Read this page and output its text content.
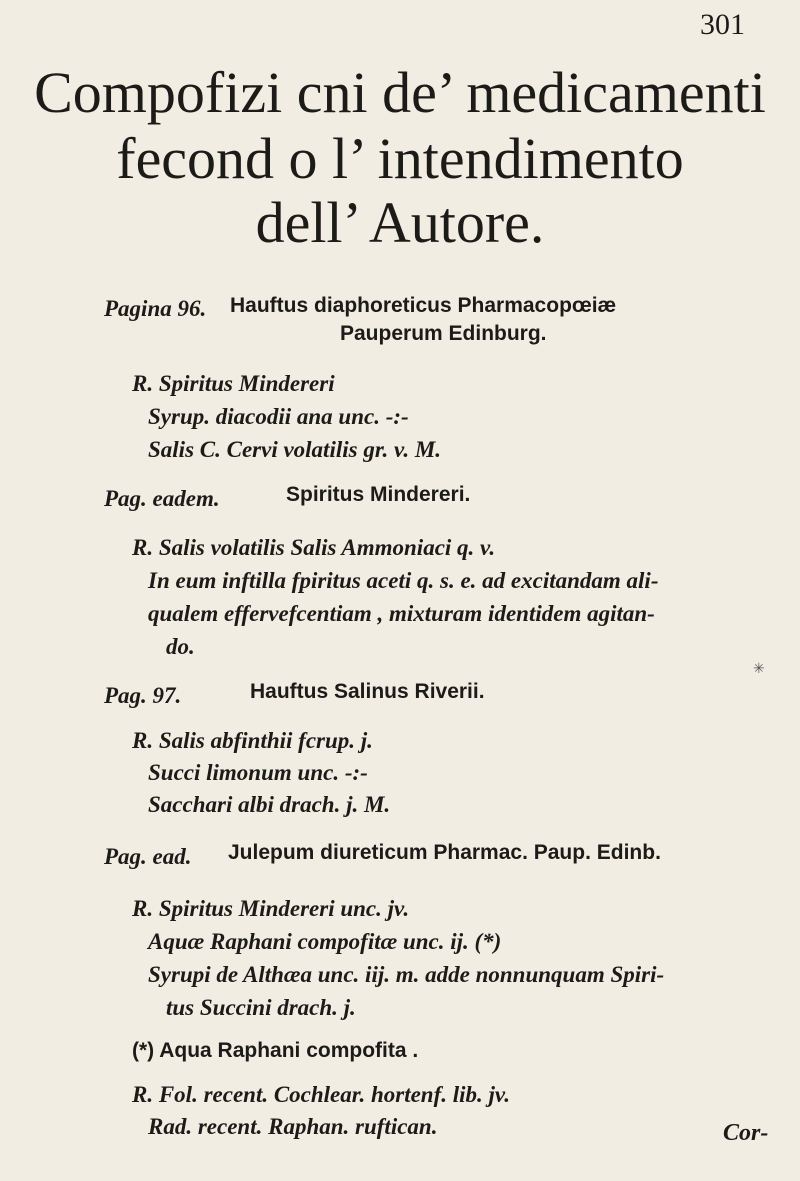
301
Compofizi cni de’ medicamenti
fecond o l’ intendimento
dell’ Autore.
Pagina 96. Hauftus diaphoreticus Pharmacopœiæ
Pauperum Edinburg.
R. Spiritus Mindereri
Syrup. diacodii ana unc. -:-
Salis C. Cervi volatilis gr. v. M.
Pag. eadem.	Spiritus Mindereri.
R. Salis volatilis Salis Ammoniaci q. v.
In eum inftilla fpiritus aceti q. s. e. ad excitandam ali-
qualem effervefcentiam , mixturam identidem agitan-
do.
Pag. 97.	Hauftus Salinus Riverii.
✳
R. Salis abfinthii fcrup. j.
Succi limonum unc. -:-
Sacchari albi drach. j. M.
Pag. ead. Julepum diureticum Pharmac. Paup. Edinb.
R. Spiritus Mindereri unc. jv.
Aquæ Raphani compofitæ unc. ij. (*)
Syrupi de Althæa unc. iij. m. adde nonnunquam Spiri-
tus Succini drach. j.
(*) Aqua Raphani compofita .
R. Fol. recent. Cochlear. hortenf. lib. jv.
Rad. recent. Raphan. ruftican.	Cor-
